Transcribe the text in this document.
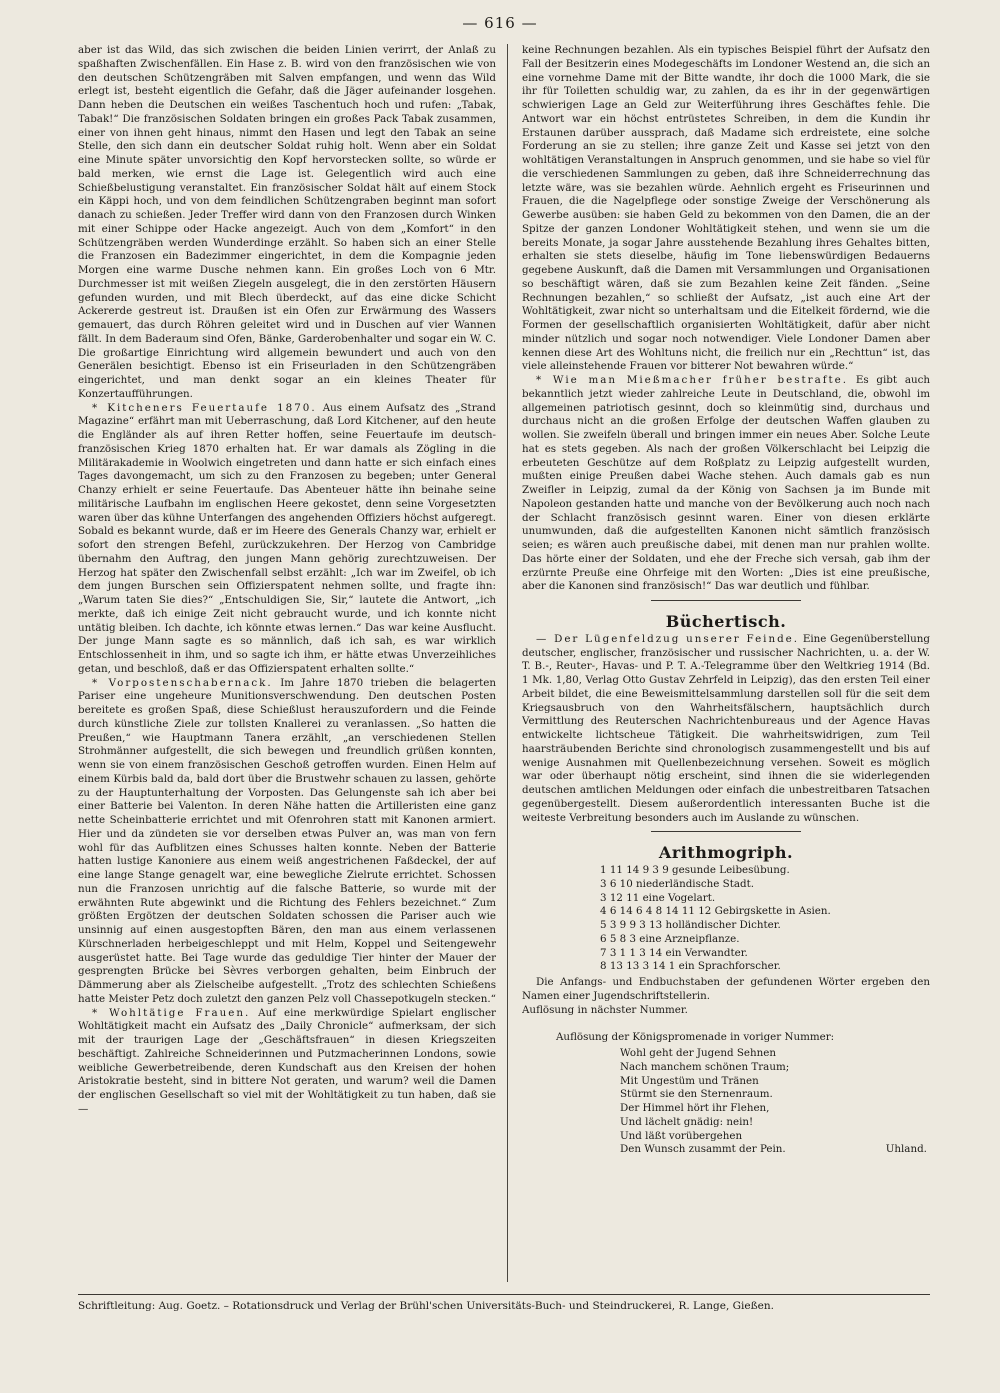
— 616 —

aber ist das Wild, das sich zwischen die beiden Linien verirrt, der Anlaß zu spaßhaften Zwischenfällen. Ein Hase z. B. wird von den französischen wie von den deutschen Schützengräben mit Salven empfangen, und wenn das Wild erlegt ist, besteht eigentlich die Gefahr, daß die Jäger aufeinander losgehen. Dann heben die Deutschen ein weißes Taschentuch hoch und rufen: „Tabak, Tabak!“ Die französischen Soldaten bringen ein großes Pack Tabak zusammen, einer von ihnen geht hinaus, nimmt den Hasen und legt den Tabak an seine Stelle, den sich dann ein deutscher Soldat ruhig holt. Wenn aber ein Soldat eine Minute später unvorsichtig den Kopf hervorstecken sollte, so würde er bald merken, wie ernst die Lage ist. Gelegentlich wird auch eine Schießbelustigung veranstaltet. Ein französischer Soldat hält auf einem Stock ein Käppi hoch, und von dem feindlichen Schützengraben beginnt man sofort danach zu schießen. Jeder Treffer wird dann von den Franzosen durch Winken mit einer Schippe oder Hacke angezeigt. Auch von dem „Komfort“ in den Schützengräben werden Wunderdinge erzählt. So haben sich an einer Stelle die Franzosen ein Badezimmer eingerichtet, in dem die Kompagnie jeden Morgen eine warme Dusche nehmen kann. Ein großes Loch von 6 Mtr. Durchmesser ist mit weißen Ziegeln ausgelegt, die in den zerstörten Häusern gefunden wurden, und mit Blech überdeckt, auf das eine dicke Schicht Ackererde gestreut ist. Draußen ist ein Ofen zur Erwärmung des Wassers gemauert, das durch Röhren geleitet wird und in Duschen auf vier Wannen fällt. In dem Baderaum sind Ofen, Bänke, Garderobenhalter und sogar ein W. C. Die großartige Einrichtung wird allgemein bewundert und auch von den Generälen besichtigt. Ebenso ist ein Friseurladen in den Schützengräben eingerichtet, und man denkt sogar an ein kleines Theater für Konzertaufführungen.

* Kitcheners Feuertaufe 1870. Aus einem Aufsatz des „Strand Magazine“ erfährt man mit Ueberraschung, daß Lord Kitchener, auf den heute die Engländer als auf ihren Retter hoffen, seine Feuertaufe im deutsch-französischen Krieg 1870 erhalten hat. Er war damals als Zögling in die Militärakademie in Woolwich eingetreten und dann hatte er sich einfach eines Tages davongemacht, um sich zu den Franzosen zu begeben; unter General Chanzy erhielt er seine Feuertaufe. Das Abenteuer hätte ihn beinahe seine militärische Laufbahn im englischen Heere gekostet, denn seine Vorgesetzten waren über das kühne Unterfangen des angehenden Offiziers höchst aufgeregt. Sobald es bekannt wurde, daß er im Heere des Generals Chanzy war, erhielt er sofort den strengen Befehl, zurückzukehren. Der Herzog von Cambridge übernahm den Auftrag, den jungen Mann gehörig zurechtzuweisen. Der Herzog hat später den Zwischenfall selbst erzählt: „Ich war im Zweifel, ob ich dem jungen Burschen sein Offizierspatent nehmen sollte, und fragte ihn: „Warum taten Sie dies?“ „Entschuldigen Sie, Sir,“ lautete die Antwort, „ich merkte, daß ich einige Zeit nicht gebraucht wurde, und ich konnte nicht untätig bleiben. Ich dachte, ich könnte etwas lernen.“ Das war keine Ausflucht. Der junge Mann sagte es so männlich, daß ich sah, es war wirklich Entschlossenheit in ihm, und so sagte ich ihm, er hätte etwas Unverzeihliches getan, und beschloß, daß er das Offizierspatent erhalten sollte.“

* Vorpostenschabernack. Im Jahre 1870 trieben die belagerten Pariser eine ungeheure Munitionsverschwendung. Den deutschen Posten bereitete es großen Spaß, diese Schießlust herauszufordern und die Feinde durch künstliche Ziele zur tollsten Knallerei zu veranlassen. „So hatten die Preußen,“ wie Hauptmann Tanera erzählt, „an verschiedenen Stellen Strohmänner aufgestellt, die sich bewegen und freundlich grüßen konnten, wenn sie von einem französischen Geschoß getroffen wurden. Einen Helm auf einem Kürbis bald da, bald dort über die Brustwehr schauen zu lassen, gehörte zu der Hauptunterhaltung der Vorposten. Das Gelungenste sah ich aber bei einer Batterie bei Valenton. In deren Nähe hatten die Artilleristen eine ganz nette Scheinbatterie errichtet und mit Ofenrohren statt mit Kanonen armiert. Hier und da zündeten sie vor derselben etwas Pulver an, was man von fern wohl für das Aufblitzen eines Schusses halten konnte. Neben der Batterie hatten lustige Kanoniere aus einem weiß angestrichenen Faßdeckel, der auf eine lange Stange genagelt war, eine bewegliche Zielrute errichtet. Schossen nun die Franzosen unrichtig auf die falsche Batterie, so wurde mit der erwähnten Rute abgewinkt und die Richtung des Fehlers bezeichnet.“ Zum größten Ergötzen der deutschen Soldaten schossen die Pariser auch wie unsinnig auf einen ausgestopften Bären, den man aus einem verlassenen Kürschnerladen herbeigeschleppt und mit Helm, Koppel und Seitengewehr ausgerüstet hatte. Bei Tage wurde das geduldige Tier hinter der Mauer der gesprengten Brücke bei Sèvres verborgen gehalten, beim Einbruch der Dämmerung aber als Zielscheibe aufgestellt. „Trotz des schlechten Schießens hatte Meister Petz doch zuletzt den ganzen Pelz voll Chassepotkugeln stecken.“

* Wohltätige Frauen. Auf eine merkwürdige Spielart englischer Wohltätigkeit macht ein Aufsatz des „Daily Chronicle“ aufmerksam, der sich mit der traurigen Lage der „Geschäftsfrauen“ in diesen Kriegszeiten beschäftigt. Zahlreiche Schneiderinnen und Putzmacherinnen Londons, sowie weibliche Gewerbetreibende, deren Kundschaft aus den Kreisen der hohen Aristokratie besteht, sind in bittere Not geraten, und warum? weil die Damen der englischen Gesellschaft so viel mit der Wohltätigkeit zu tun haben, daß sie —

keine Rechnungen bezahlen. Als ein typisches Beispiel führt der Aufsatz den Fall der Besitzerin eines Modegeschäfts im Londoner Westend an, die sich an eine vornehme Dame mit der Bitte wandte, ihr doch die 1000 Mark, die sie ihr für Toiletten schuldig war, zu zahlen, da es ihr in der gegenwärtigen schwierigen Lage an Geld zur Weiterführung ihres Geschäftes fehle. Die Antwort war ein höchst entrüstetes Schreiben, in dem die Kundin ihr Erstaunen darüber aussprach, daß Madame sich erdreistete, eine solche Forderung an sie zu stellen; ihre ganze Zeit und Kasse sei jetzt von den wohltätigen Veranstaltungen in Anspruch genommen, und sie habe so viel für die verschiedenen Sammlungen zu geben, daß ihre Schneiderrechnung das letzte wäre, was sie bezahlen würde. Aehnlich ergeht es Friseurinnen und Frauen, die die Nagelpflege oder sonstige Zweige der Verschönerung als Gewerbe ausüben: sie haben Geld zu bekommen von den Damen, die an der Spitze der ganzen Londoner Wohltätigkeit stehen, und wenn sie um die bereits Monate, ja sogar Jahre ausstehende Bezahlung ihres Gehaltes bitten, erhalten sie stets dieselbe, häufig im Tone liebenswürdigen Bedauerns gegebene Auskunft, daß die Damen mit Versammlungen und Organisationen so beschäftigt wären, daß sie zum Bezahlen keine Zeit fänden. „Seine Rechnungen bezahlen,“ so schließt der Aufsatz, „ist auch eine Art der Wohltätigkeit, zwar nicht so unterhaltsam und die Eitelkeit fördernd, wie die Formen der gesellschaftlich organisierten Wohltätigkeit, dafür aber nicht minder nützlich und sogar noch notwendiger. Viele Londoner Damen aber kennen diese Art des Wohltuns nicht, die freilich nur ein „Rechttun“ ist, das viele alleinstehende Frauen vor bitterer Not bewahren würde.“

* Wie man Mießmacher früher bestrafte. Es gibt auch bekanntlich jetzt wieder zahlreiche Leute in Deutschland, die, obwohl im allgemeinen patriotisch gesinnt, doch so kleinmütig sind, durchaus und durchaus nicht an die großen Erfolge der deutschen Waffen glauben zu wollen. Sie zweifeln überall und bringen immer ein neues Aber. Solche Leute hat es stets gegeben. Als nach der großen Völkerschlacht bei Leipzig die erbeuteten Geschütze auf dem Roßplatz zu Leipzig aufgestellt wurden, mußten einige Preußen dabei Wache stehen. Auch damals gab es nun Zweifler in Leipzig, zumal da der König von Sachsen ja im Bunde mit Napoleon gestanden hatte und manche von der Bevölkerung auch noch nach der Schlacht französisch gesinnt waren. Einer von diesen erklärte unumwunden, daß die aufgestellten Kanonen nicht sämtlich französisch seien; es wären auch preußische dabei, mit denen man nur prahlen wollte. Das hörte einer der Soldaten, und ehe der Freche sich versah, gab ihm der erzürnte Preuße eine Ohrfeige mit den Worten: „Dies ist eine preußische, aber die Kanonen sind französisch!“ Das war deutlich und fühlbar.

Büchertisch.

— Der Lügenfeldzug unserer Feinde. Eine Gegenüberstellung deutscher, englischer, französischer und russischer Nachrichten, u. a. der W. T. B.-, Reuter-, Havas- und P. T. A.-Telegramme über den Weltkrieg 1914 (Bd. 1 Mk. 1,80, Verlag Otto Gustav Zehrfeld in Leipzig), das den ersten Teil einer Arbeit bildet, die eine Beweismittelsammlung darstellen soll für die seit dem Kriegsausbruch von den Wahrheitsfälschern, hauptsächlich durch Vermittlung des Reuterschen Nachrichtenbureaus und der Agence Havas entwickelte lichtscheue Tätigkeit. Die wahrheitswidrigen, zum Teil haarsträubenden Berichte sind chronologisch zusammengestellt und bis auf wenige Ausnahmen mit Quellenbezeichnung versehen. Soweit es möglich war oder überhaupt nötig erscheint, sind ihnen die sie widerlegenden deutschen amtlichen Meldungen oder einfach die unbestreitbaren Tatsachen gegenübergestellt. Diesem außerordentlich interessanten Buche ist die weiteste Verbreitung besonders auch im Auslande zu wünschen.

Arithmogriph.
1 11 14 9 3 9 gesunde Leibesübung.
3 6 10 niederländische Stadt.
3 12 11 eine Vogelart.
4 6 14 6 4 8 14 11 12 Gebirgskette in Asien.
5 3 9 9 3 13 holländischer Dichter.
6 5 8 3 eine Arzneipflanze.
7 3 1 1 3 14 ein Verwandter.
8 13 13 3 14 1 ein Sprachforscher.

Die Anfangs- und Endbuchstaben der gefundenen Wörter ergeben den Namen einer Jugendschriftstellerin.

Auflösung in nächster Nummer.

Auflösung der Königspromenade in voriger Nummer:
Wohl geht der Jugend Sehnen
Nach manchem schönen Traum;
Mit Ungestüm und Tränen
Stürmt sie den Sternenraum.
Der Himmel hört ihr Flehen,
Und lächelt gnädig: nein!
Und läßt vorübergehen
Den Wunsch zusammt der Pein.	Uhland.
Schriftleitung: Aug. Goetz. – Rotationsdruck und Verlag der Brühl'schen Universitäts-Buch- und Steindruckerei, R. Lange, Gießen.
